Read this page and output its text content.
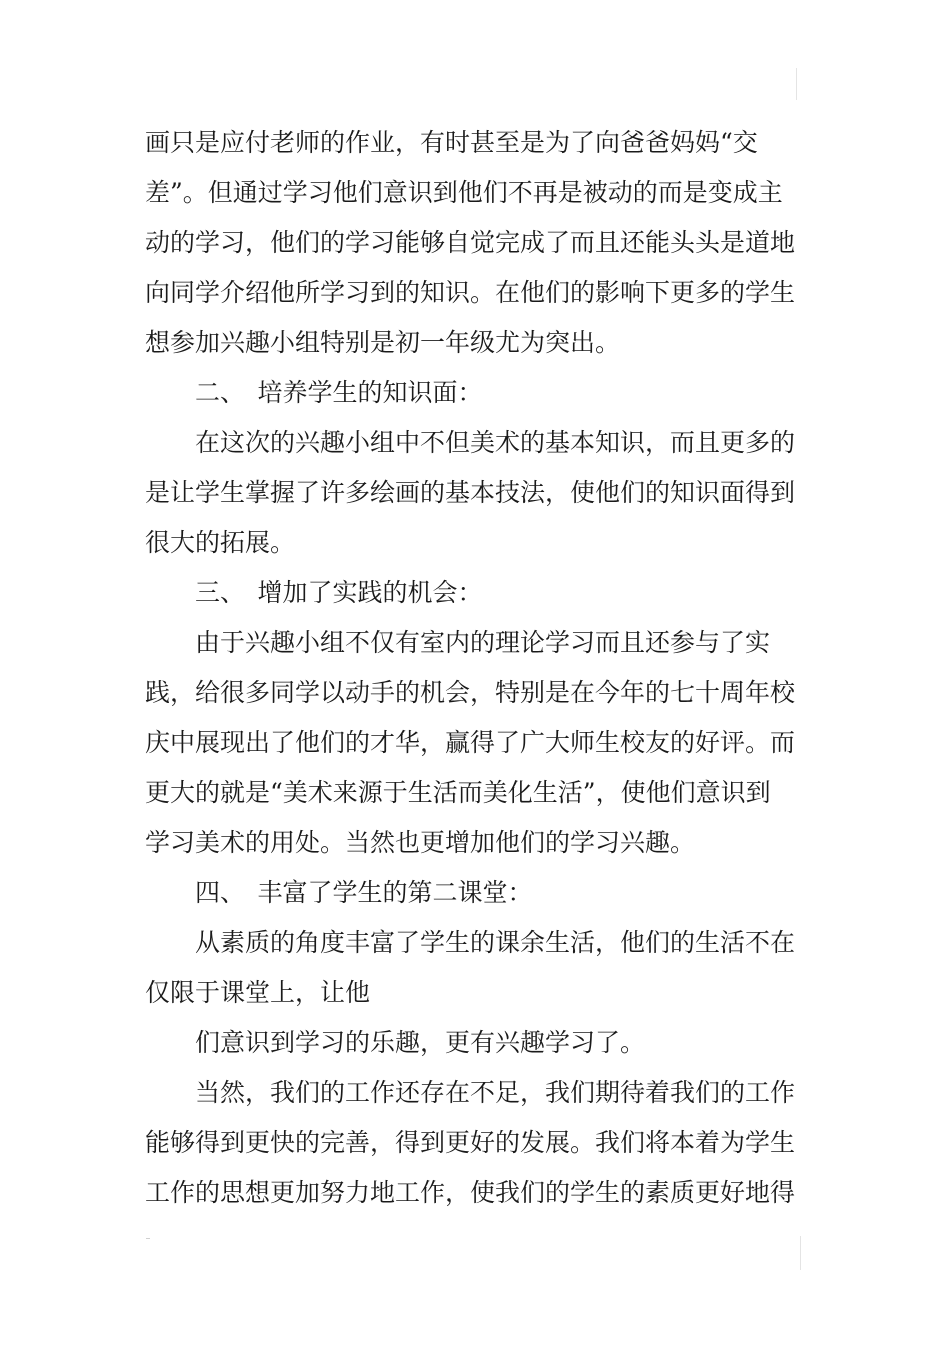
画只是应付老师的作业，有时甚至是为了向爸爸妈妈“交
差”。但通过学习他们意识到他们不再是被动的而是变成主
动的学习，他们的学习能够自觉完成了而且还能头头是道地
向同学介绍他所学习到的知识。在他们的影响下更多的学生
想参加兴趣小组特别是初一年级尤为突出。
二、　培养学生的知识面：
在这次的兴趣小组中不但美术的基本知识，而且更多的
是让学生掌握了许多绘画的基本技法，使他们的知识面得到
很大的拓展。
三、　增加了实践的机会：
由于兴趣小组不仅有室内的理论学习而且还参与了实
践，给很多同学以动手的机会，特别是在今年的七十周年校
庆中展现出了他们的才华，赢得了广大师生校友的好评。而
更大的就是“美术来源于生活而美化生活”，使他们意识到
学习美术的用处。当然也更增加他们的学习兴趣。
四、　丰富了学生的第二课堂：
从素质的角度丰富了学生的课余生活，他们的生活不在
仅限于课堂上，让他
们意识到学习的乐趣，更有兴趣学习了。
当然，我们的工作还存在不足，我们期待着我们的工作
能够得到更快的完善，得到更好的发展。我们将本着为学生
工作的思想更加努力地工作，使我们的学生的素质更好地得
